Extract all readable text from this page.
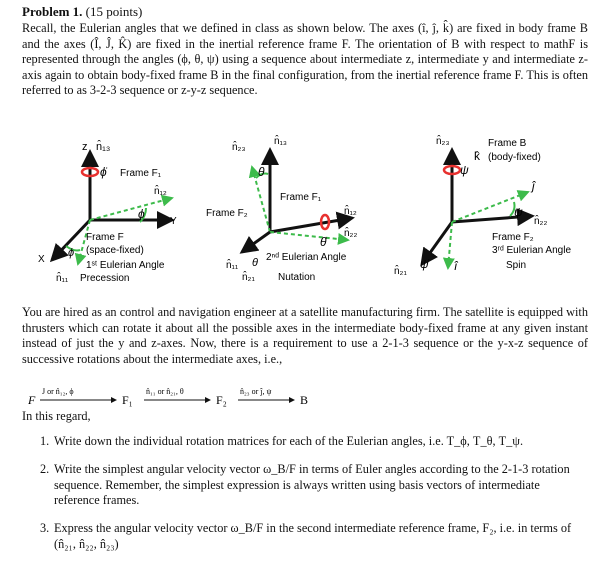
Problem 1. (15 points)
Recall, the Eulerian angles that we defined in class as shown below. The axes (î, ĵ, k̂) are fixed in body frame B and the axes (Î, Ĵ, K̂) are fixed in the inertial reference frame F. The orientation of B with respect to mathF is represented through the angles (ϕ, θ, ψ) using a sequence about intermediate z, intermediate y and intermediate z-axis again to obtain body-fixed frame B in the final configuration, from the inertial reference frame F. This is often referred to as 3-2-3 sequence or z-y-z sequence.
z n̂₁₃
ϕ̇ Frame F₁
n̂₁₂
ϕ
Y
X
Frame F
(space-fixed)
ϕ
1ˢᵗ Eulerian Angle
n̂₁₁ Precession
n̂₂₃
n̂₁₃
θ
Frame F₁
Frame F₂	n̂₁₂
θ̇
n̂₂₂
n̂₁₁ θ 2ⁿᵈ Eulerian Angle
n̂₂₁ Nutation
n̂₂₃	Frame B
k̂ (body-fixed)
ψ
ĵ
ψ
n̂₂₂
Frame F₂
3ʳᵈ Eulerian Angle
n̂₂₁
ψ̇ î	Spin
You are hired as an control and navigation engineer at a satellite manufacturing firm. The satellite is equipped with thrusters which can rotate it about all the possible axes in the intermediate body-fixed frame at any given instant instead of just the y and z-axes. Now, there is a requirement to use a 2-1-3 sequence or the y-x-z sequence of successive rotations about the intermediate axes, i.e.,
F
Ĵ or n̂₁₂, ϕ
F₁
n̂₁₁ or n̂₂₁, θ
F₂
n̂₂₃ or ĵ, ψ
B
In this regard,
1. Write down the individual rotation matrices for each of the Eulerian angles, i.e. T_ϕ, T_θ, T_ψ.
2. Write the simplest angular velocity vector ω_B/F in terms of Euler angles according to the 2-1-3 rotation sequence. Remember, the simplest expression is always written using basis vectors of intermediate reference frames.
3. Express the angular velocity vector ω_B/F in the second intermediate reference frame, F₂, i.e. in terms of (n̂₂₁, n̂₂₂, n̂₂₃)
